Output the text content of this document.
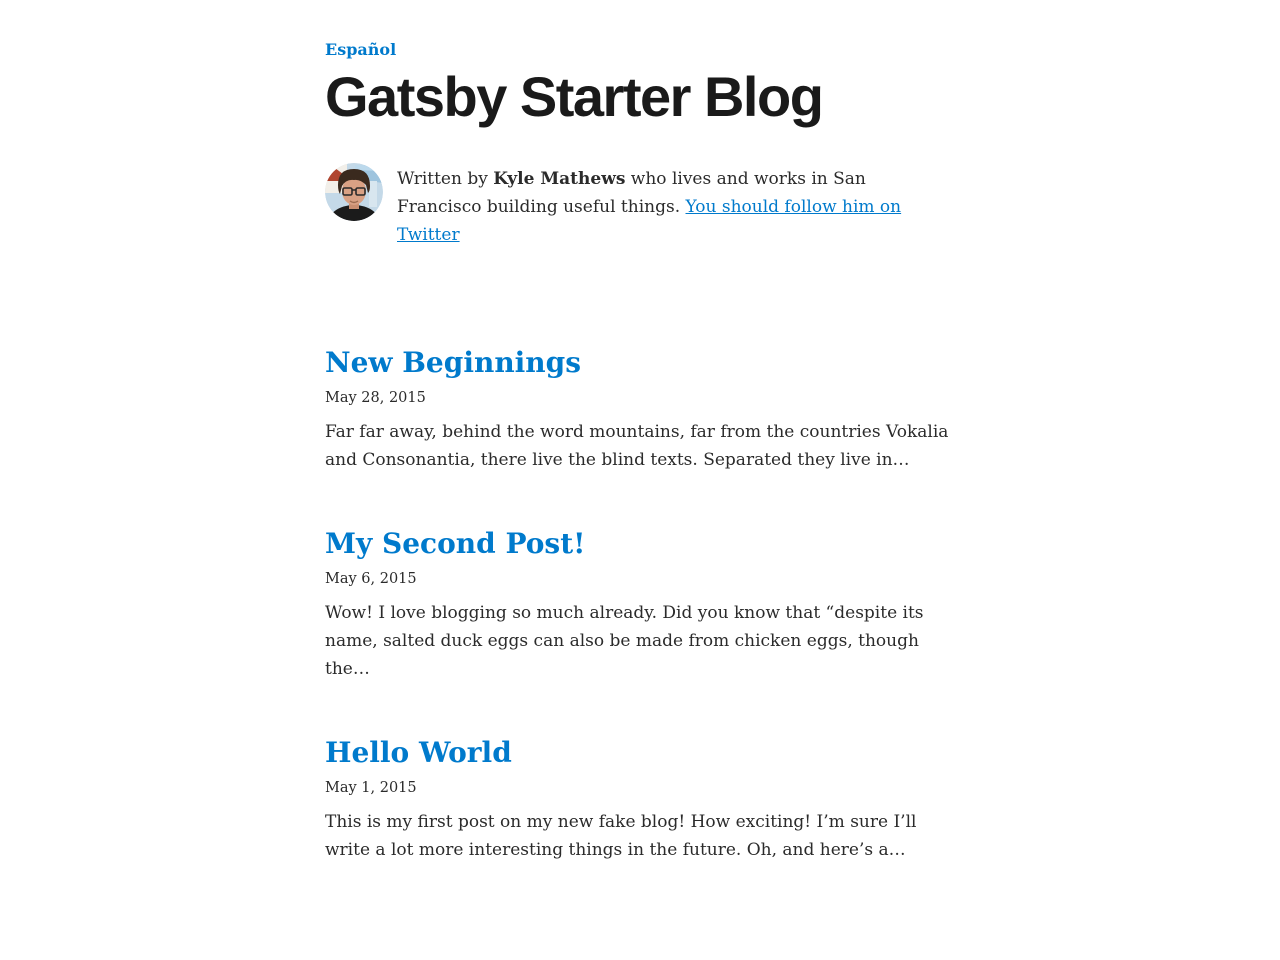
Español
Gatsby Starter Blog

Written by Kyle Mathews who lives and works in San Francisco building useful things. You should follow him on Twitter

New Beginnings
May 28, 2015

Far far away, behind the word mountains, far from the countries Vokalia and Consonantia, there live the blind texts. Separated they live in…

My Second Post!
May 6, 2015

Wow! I love blogging so much already. Did you know that “despite its name, salted duck eggs can also be made from chicken eggs, though the…

Hello World
May 1, 2015

This is my first post on my new fake blog! How exciting! I’m sure I’ll write a lot more interesting things in the future. Oh, and here’s a…
